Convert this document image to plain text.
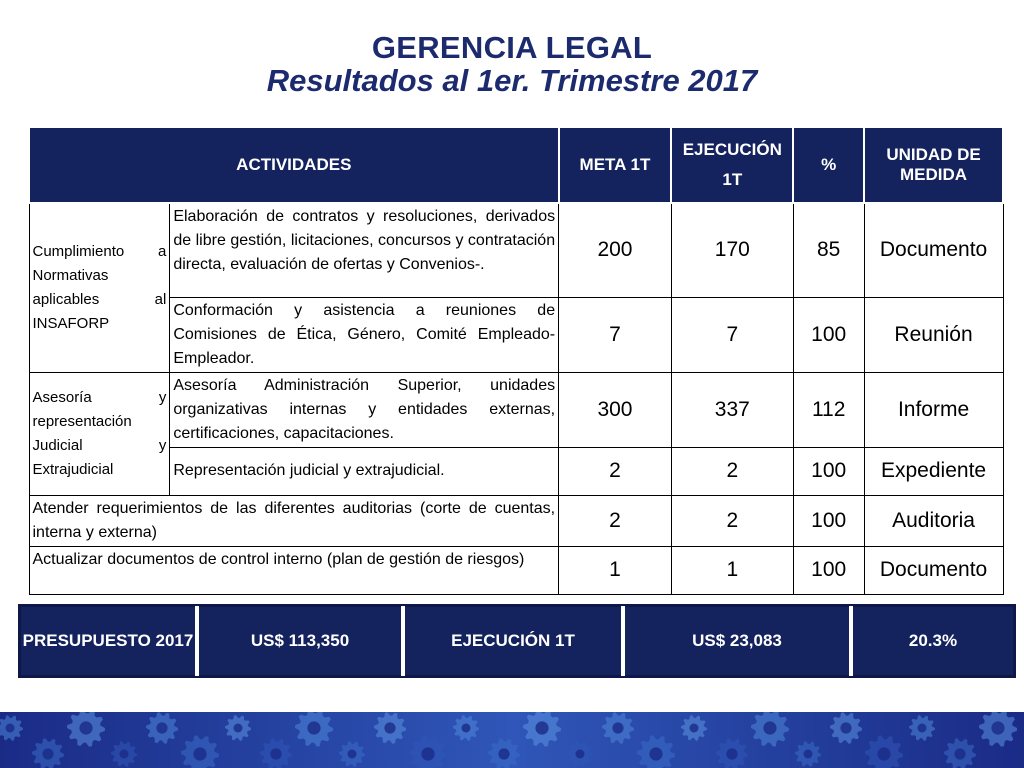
GERENCIA LEGAL
Resultados al 1er. Trimestre 2017
ACTIVIDADES		META 1T	EJECUCIÓN 1T	%	UNIDAD DE MEDIDA

Cumplimiento a
Normativas
aplicables al
INSAFORP	Elaboración de contratos y resoluciones, derivados de libre gestión, licitaciones, concursos y contratación directa, evaluación de ofertas y Convenios-.	200	170	85	Documento
	Conformación y asistencia a reuniones de Comisiones de Ética, Género, Comité Empleado-Empleador.	7	7	100	Reunión

Asesoría y
representación
Judicial y
Extrajudicial	Asesoría Administración Superior, unidades organizativas internas y entidades externas, certificaciones, capacitaciones.	300	337	112	Informe
	Representación judicial y extrajudicial.	2	2	100	Expediente
Atender requerimientos de las diferentes auditorias (corte de cuentas, interna y externa)		2	2	100	Auditoria
Actualizar documentos de control interno (plan de gestión de riesgos)		1	1	100	Documento
PRESUPUESTO 2017	US$ 113,350	EJECUCIÓN 1T	US$ 23,083	20.3%
